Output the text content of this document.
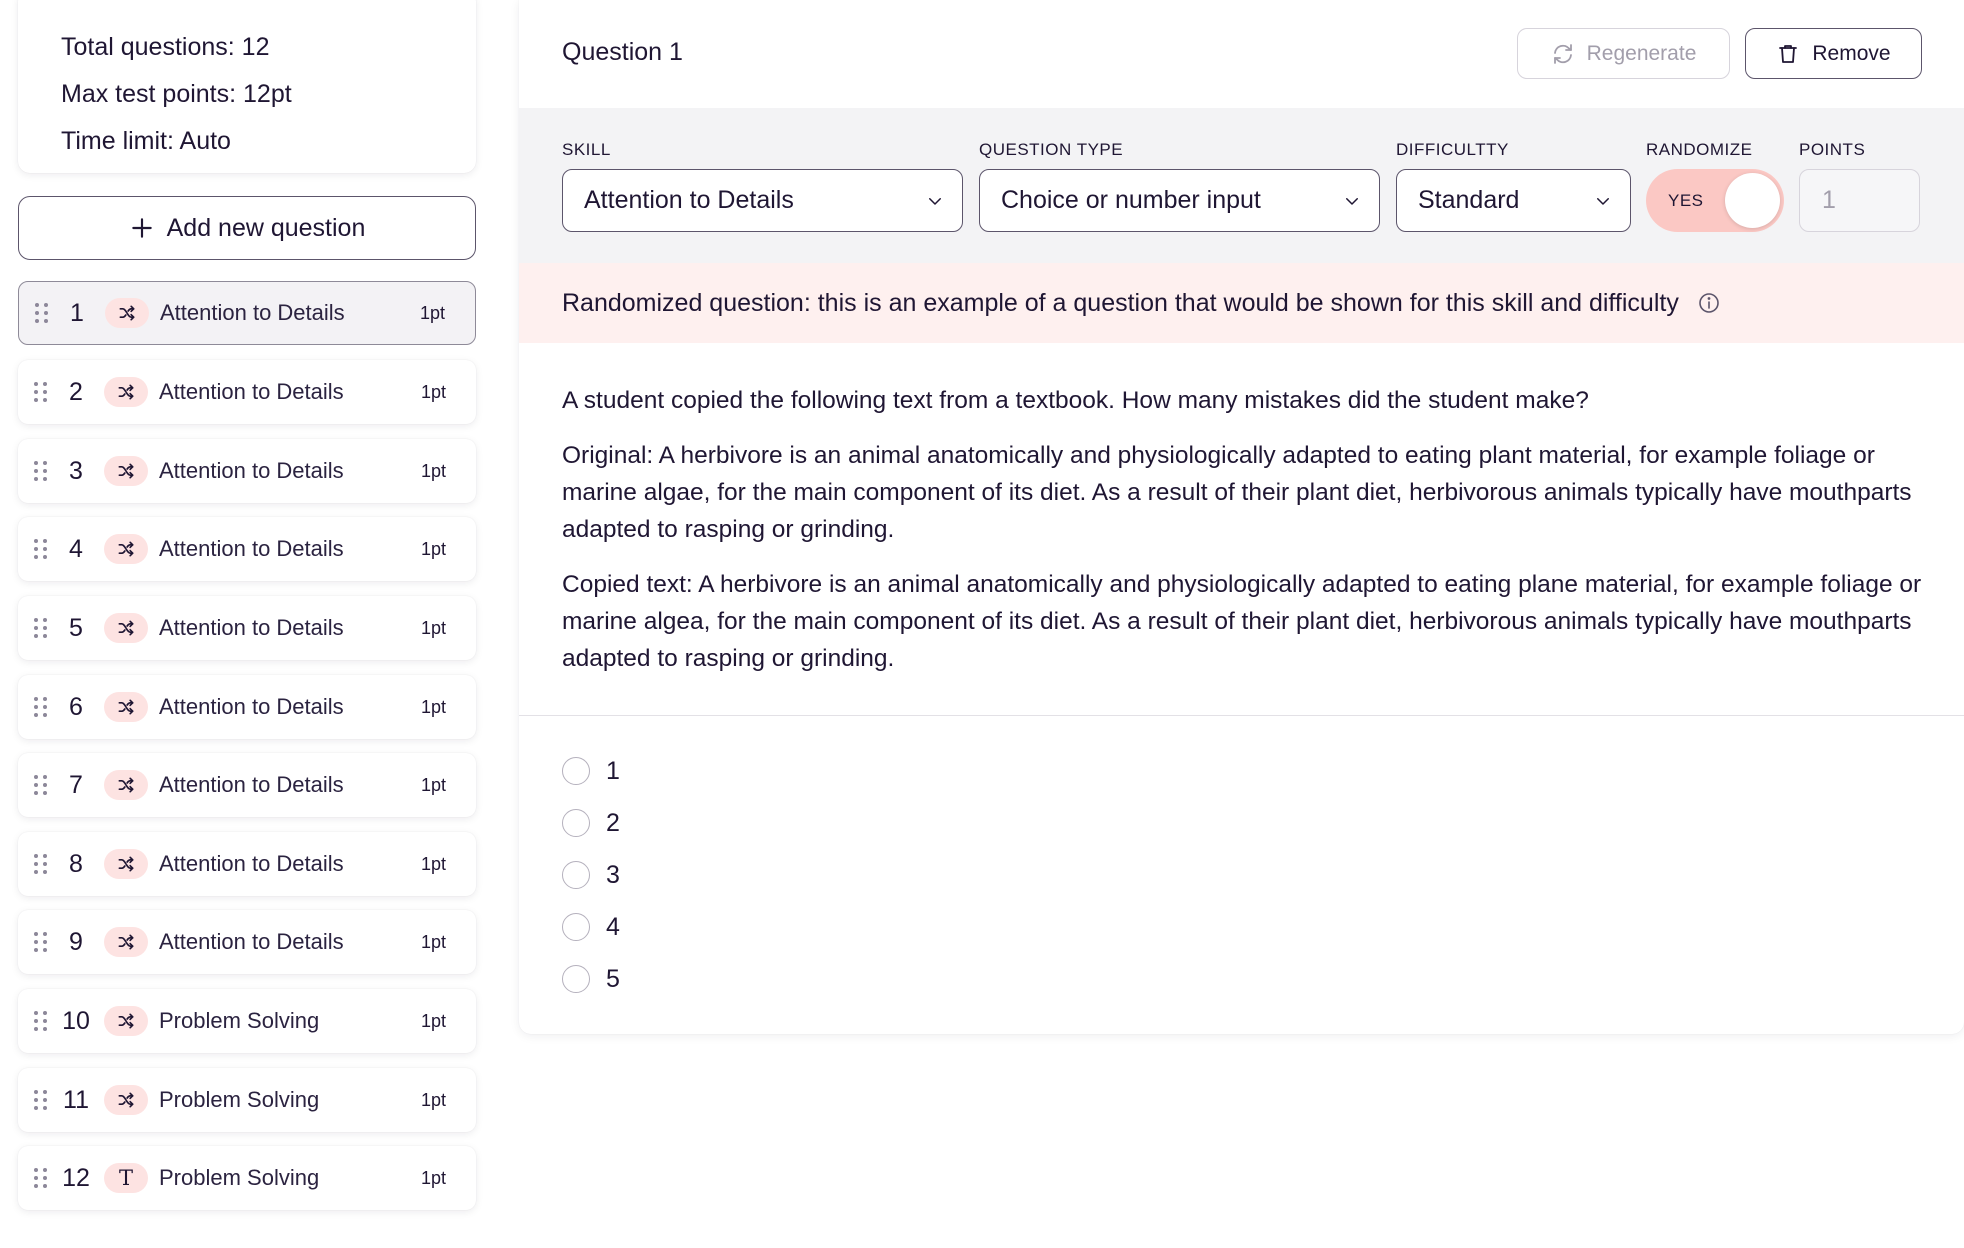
Total questions: 12
Max test points: 12pt
Time limit: Auto
Add new question
1	Attention to Details	1pt
2	Attention to Details	1pt
3	Attention to Details	1pt
4	Attention to Details	1pt
5	Attention to Details	1pt
6	Attention to Details	1pt
7	Attention to Details	1pt
8	Attention to Details	1pt
9	Attention to Details	1pt
10	Problem Solving	1pt
11	Problem Solving	1pt
12	T Problem Solving	1pt
Question 1	Regenerate	Remove
SKILL
Attention to Details
QUESTION TYPE
Choice or number input
DIFFICULTTY
Standard
RANDOMIZE
YES
POINTS
1
Randomized question: this is an example of a question that would be shown for this skill and difficulty

A student copied the following text from a textbook. How many mistakes did the student make?

Original: A herbivore is an animal anatomically and physiologically adapted to eating plant material, for example foliage or marine algae, for the main component of its diet. As a result of their plant diet, herbivorous animals typically have mouthparts adapted to rasping or grinding.

Copied text: A herbivore is an animal anatomically and physiologically adapted to eating plane material, for example foliage or marine algea, for the main component of its diet. As a result of their plant diet, herbivorous animals typically have mouthparts adapted to rasping or grinding.

1
2
3
4
5
